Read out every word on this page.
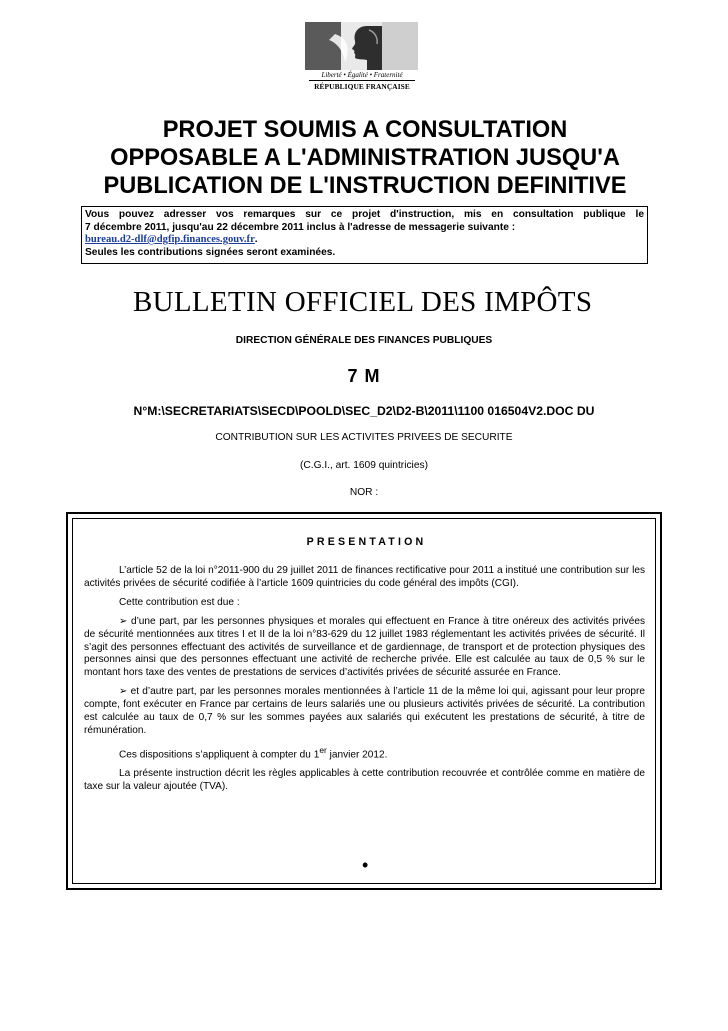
Liberté • Égalité • Fraternité
RÉPUBLIQUE FRANÇAISE
PROJET SOUMIS A CONSULTATION
OPPOSABLE A L'ADMINISTRATION JUSQU'A
PUBLICATION DE L'INSTRUCTION DEFINITIVE

Vous pouvez adresser vos remarques sur ce projet d'instruction, mis en consultation publique le

7 décembre 2011, jusqu'au 22 décembre 2011 inclus à l'adresse de messagerie suivante :

bureau.d2-dlf@dgfip.finances.gouv.fr.

Seules les contributions signées seront examinées.

BULLETIN OFFICIEL DES IMPÔTS
DIRECTION GÉNÉRALE DES FINANCES PUBLIQUES
7 M
N°M:\SECRETARIATS\SECD\POOLD\SEC_D2\D2-B\2011\1100 016504V2.DOC DU
CONTRIBUTION SUR LES ACTIVITES PRIVEES DE SECURITE
(C.G.I., art. 1609 quintricies)
NOR :
PRESENTATION

L’article 52 de la loi n°2011-900 du 29 juillet 2011 de finances rectificative pour 2011 a institué une contribution sur les activités privées de sécurité codifiée à l’article 1609 quintricies du code général des impôts (CGI).

Cette contribution est due :

➢ d’une part, par les personnes physiques et morales qui effectuent en France à titre onéreux des activités privées de sécurité mentionnées aux titres I et II de la loi n°83-629 du 12 juillet 1983 réglementant les activités privées de sécurité. Il s’agit des personnes effectuant des activités de surveillance et de gardiennage, de transport et de protection physiques des personnes ainsi que des personnes effectuant une activité de recherche privée. Elle est calculée au taux de 0,5 % sur le montant hors taxe des ventes de prestations de services d’activités privées de sécurité assurée en France.

➢ et d’autre part, par les personnes morales mentionnées à l’article 11 de la même loi qui, agissant pour leur propre compte, font exécuter en France par certains de leurs salariés une ou plusieurs activités privées de sécurité. La contribution est calculée au taux de 0,7 % sur les sommes payées aux salariés qui exécutent les prestations de sécurité, à titre de rémunération.

Ces dispositions s’appliquent à compter du 1er janvier 2012.

La présente instruction décrit les règles applicables à cette contribution recouvrée et contrôlée comme en matière de taxe sur la valeur ajoutée (TVA).

•
